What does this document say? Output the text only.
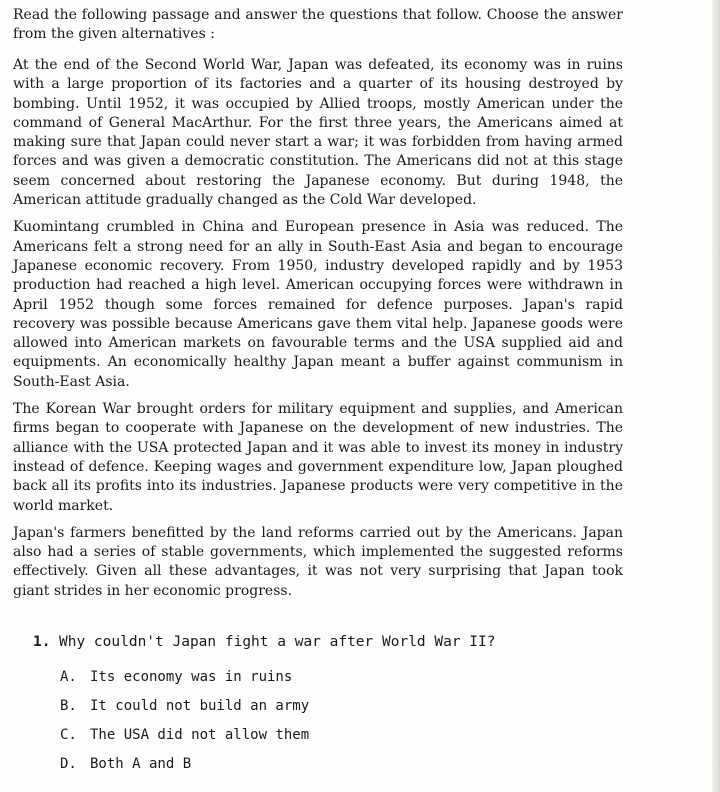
Read the following passage and answer the questions that follow. Choose the answer from the given alternatives :

At the end of the Second World War, Japan was defeated, its economy was in ruins with a large proportion of its factories and a quarter of its housing destroyed by bombing. Until 1952, it was occupied by Allied troops, mostly American under the command of General MacArthur. For the first three years, the Americans aimed at making sure that Japan could never start a war; it was forbidden from having armed forces and was given a democratic constitution. The Americans did not at this stage seem concerned about restoring the Japanese economy. But during 1948, the American attitude gradually changed as the Cold War developed.

Kuomintang crumbled in China and European presence in Asia was reduced. The Americans felt a strong need for an ally in South-East Asia and began to encourage Japanese economic recovery. From 1950, industry developed rapidly and by 1953 production had reached a high level. American occupying forces were withdrawn in April 1952 though some forces remained for defence purposes. Japan's rapid recovery was possible because Americans gave them vital help. Japanese goods were allowed into American markets on favourable terms and the USA supplied aid and equipments. An economically healthy Japan meant a buffer against communism in South-East Asia.

The Korean War brought orders for military equipment and supplies, and American firms began to cooperate with Japanese on the development of new industries. The alliance with the USA protected Japan and it was able to invest its money in industry instead of defence. Keeping wages and government expenditure low, Japan ploughed back all its profits into its industries. Japanese products were very competitive in the world market.

Japan's farmers benefitted by the land reforms carried out by the Americans. Japan also had a series of stable governments, which implemented the suggested reforms effectively. Given all these advantages, it was not very surprising that Japan took giant strides in her economic progress.

1. Why couldn't Japan fight a war after World War II?
A. Its economy was in ruins
B. It could not build an army
C. The USA did not allow them
D. Both A and B
